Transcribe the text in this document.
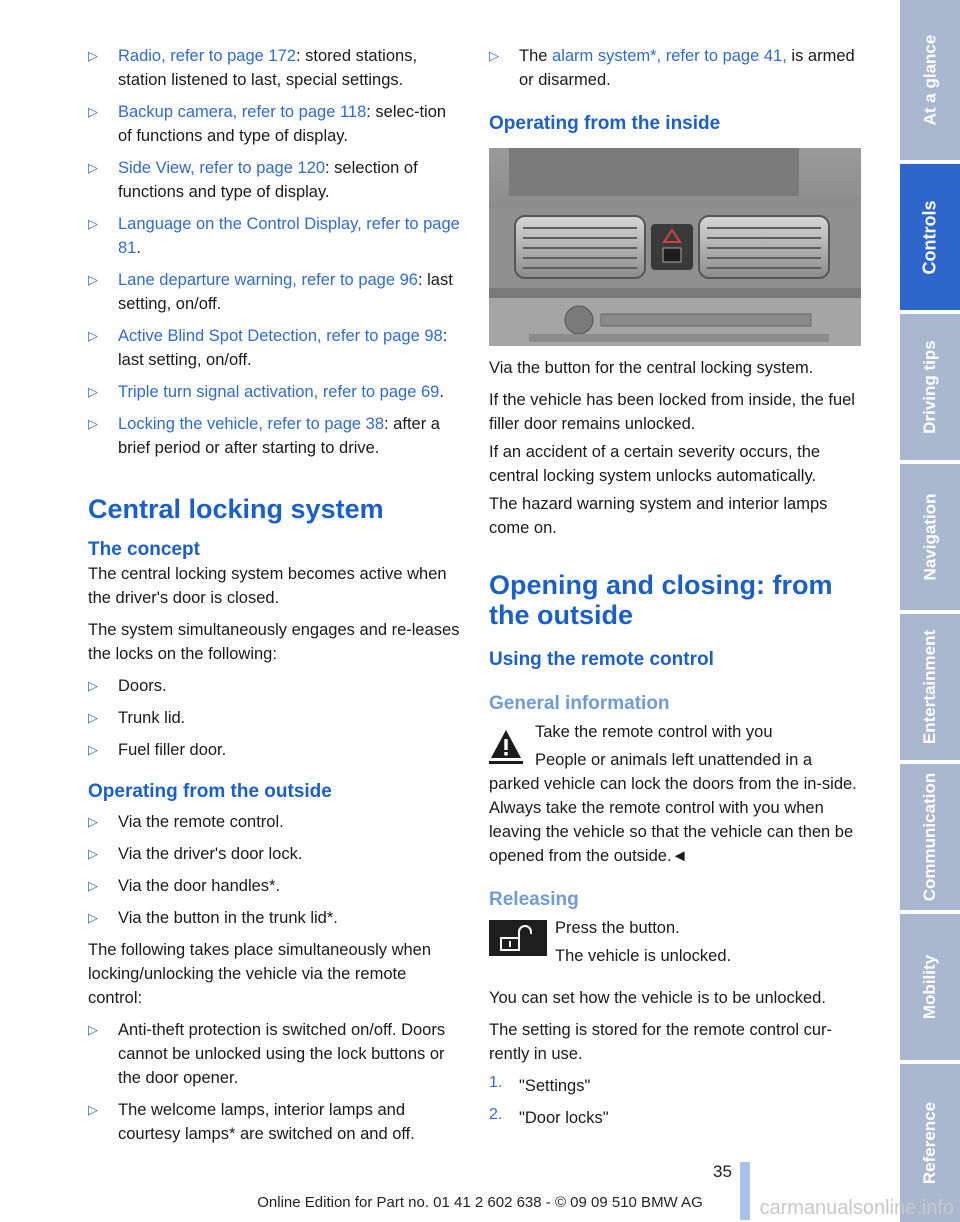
▷ Radio, refer to page 172: stored stations, station listened to last, special settings.

▷ Backup camera, refer to page 118: selec-tion of functions and type of display.

▷ Side View, refer to page 120: selection of functions and type of display.

▷ Language on the Control Display, refer to page 81.

▷ Lane departure warning, refer to page 96: last setting, on/off.

▷ Active Blind Spot Detection, refer to page 98: last setting, on/off.

▷ Triple turn signal activation, refer to page 69.

▷ Locking the vehicle, refer to page 38: after a brief period or after starting to drive.

Central locking system
The concept

The central locking system becomes active when the driver's door is closed.

The system simultaneously engages and re-leases the locks on the following:

▷ Doors.

▷ Trunk lid.

▷ Fuel filler door.

Operating from the outside
▷ Via the remote control.

▷ Via the driver's door lock.

▷ Via the door handles*.

▷ Via the button in the trunk lid*.

The following takes place simultaneously when locking/unlocking the vehicle via the remote control:

▷ Anti-theft protection is switched on/off. Doors cannot be unlocked using the lock buttons or the door opener.

▷ The welcome lamps, interior lamps and courtesy lamps* are switched on and off.

▷ The alarm system*, refer to page 41, is armed or disarmed.

Operating from the inside

Via the button for the central locking system.

If the vehicle has been locked from inside, the fuel filler door remains unlocked.

If an accident of a certain severity occurs, the central locking system unlocks automatically.

The hazard warning system and interior lamps come on.

Opening and closing: from the outside
Using the remote control
General information

Take the remote control with you

People or animals left unattended in a parked vehicle can lock the doors from the in-side. Always take the remote control with you when leaving the vehicle so that the vehicle can then be opened from the outside.◄

Releasing

Press the button.

The vehicle is unlocked.

You can set how the vehicle is to be unlocked.

The setting is stored for the remote control cur-rently in use.

1. "Settings"

2. "Door locks"

At a glance
Controls
Driving tips
Navigation
Entertainment
Communication
Mobility
Reference
35
Online Edition for Part no. 01 41 2 602 638 - © 09 09 510 BMW AG	carmanualsonline.info
